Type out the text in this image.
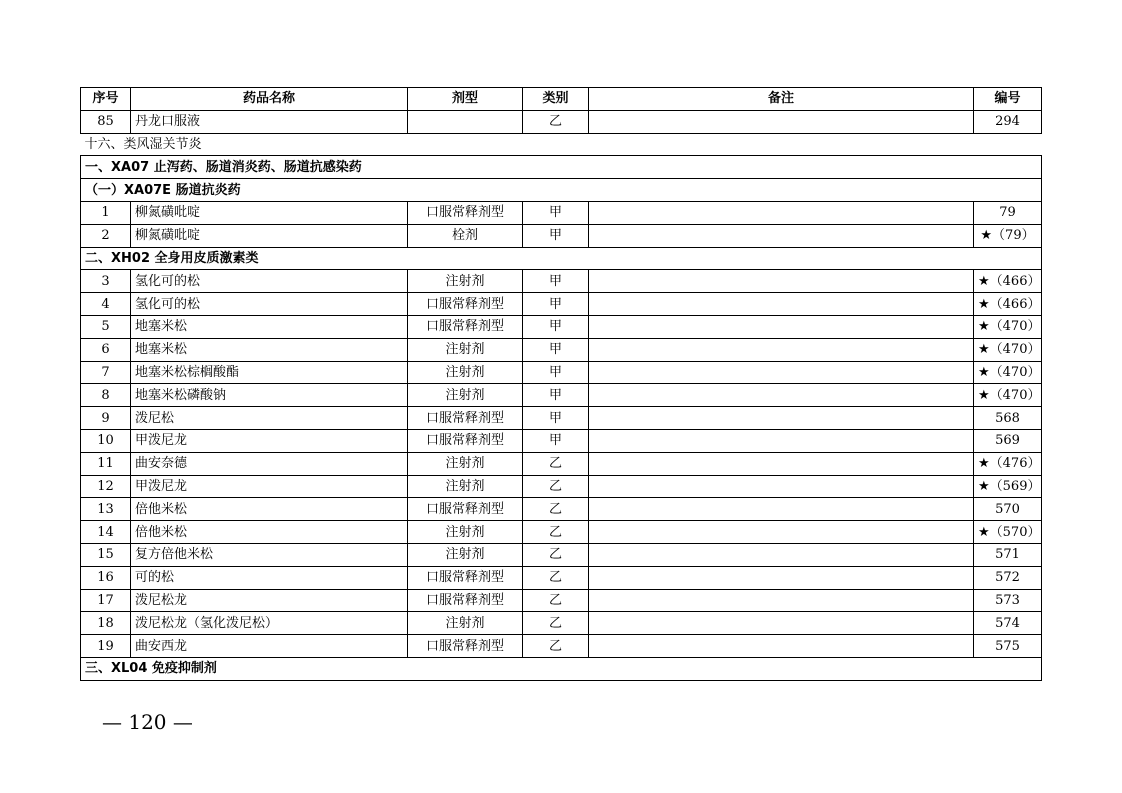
序号	药品名称	剂型	类别	备注	编号
85	丹龙口服液		乙		294
十六、类风湿关节炎					
一、XA07 止泻药、肠道消炎药、肠道抗感染药					
（一）XA07E 肠道抗炎药					
1	柳氮磺吡啶	口服常释剂型	甲		79
2	柳氮磺吡啶	栓剂	甲		★（79）
二、XH02 全身用皮质激素类					
3	氢化可的松	注射剂	甲		★（466）
4	氢化可的松	口服常释剂型	甲		★（466）
5	地塞米松	口服常释剂型	甲		★（470）
6	地塞米松	注射剂	甲		★（470）
7	地塞米松棕榈酸酯	注射剂	甲		★（470）
8	地塞米松磷酸钠	注射剂	甲		★（470）
9	泼尼松	口服常释剂型	甲		568
10	甲泼尼龙	口服常释剂型	甲		569
11	曲安奈德	注射剂	乙		★（476）
12	甲泼尼龙	注射剂	乙		★（569）
13	倍他米松	口服常释剂型	乙		570
14	倍他米松	注射剂	乙		★（570）
15	复方倍他米松	注射剂	乙		571
16	可的松	口服常释剂型	乙		572
17	泼尼松龙	口服常释剂型	乙		573
18	泼尼松龙（氢化泼尼松）	注射剂	乙		574
19	曲安西龙	口服常释剂型	乙		575
三、XL04 免疫抑制剂					
— 120 —
